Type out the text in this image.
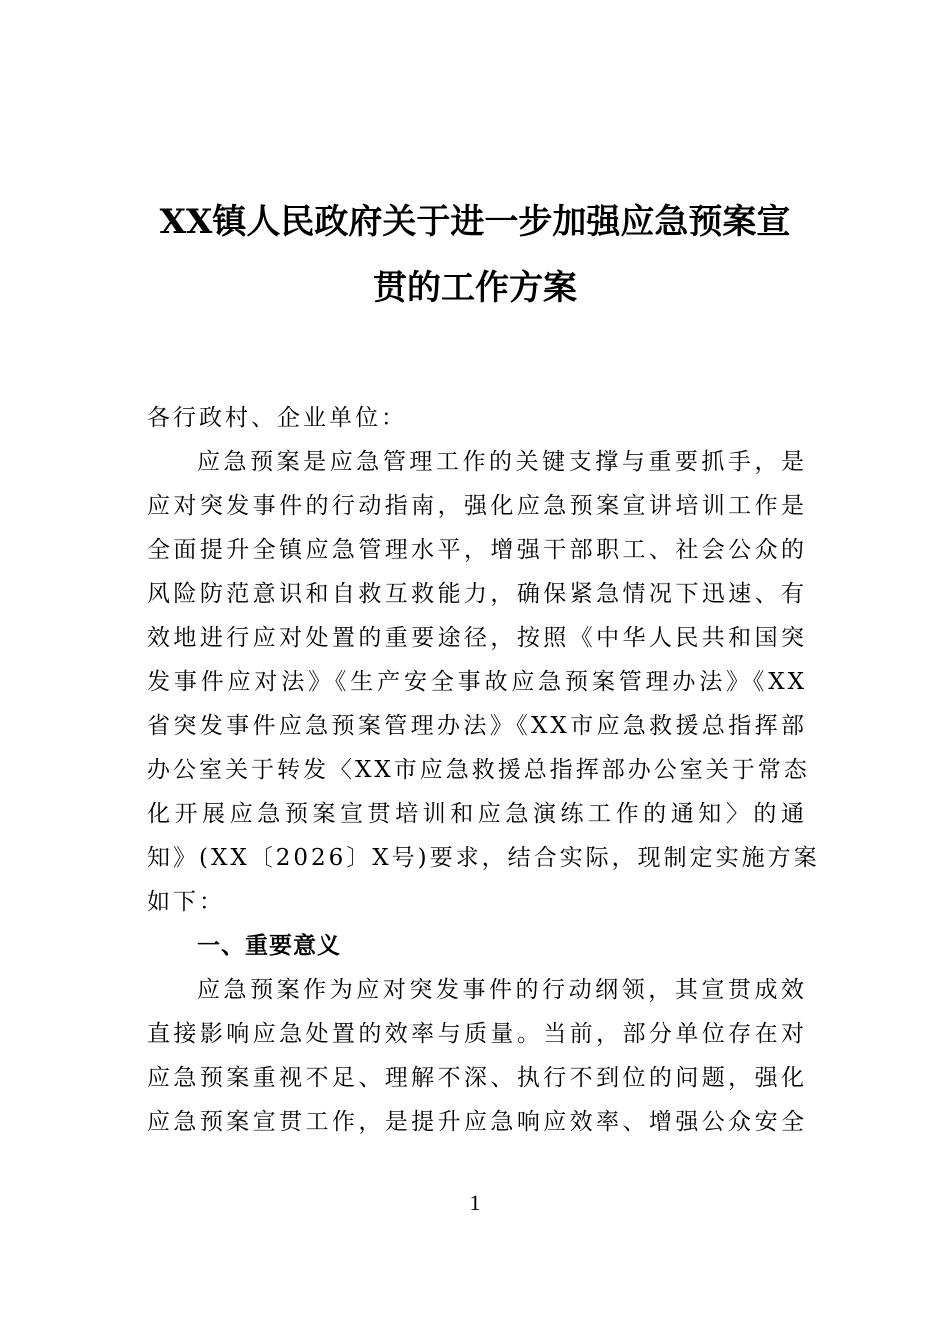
XX镇人民政府关于进一步加强应急预案宣
贯的工作方案
各行政村、企业单位：
应急预案是应急管理工作的关键支撑与重要抓手，是
应对突发事件的行动指南，强化应急预案宣讲培训工作是
全面提升全镇应急管理水平，增强干部职工、社会公众的
风险防范意识和自救互救能力，确保紧急情况下迅速、有
效地进行应对处置的重要途径，按照《中华人民共和国突
发事件应对法》《生产安全事故应急预案管理办法》《XX
省突发事件应急预案管理办法》《XX市应急救援总指挥部
办公室关于转发〈XX市应急救援总指挥部办公室关于常态
化开展应急预案宣贯培训和应急演练工作的通知〉的通
知》(XX〔2026〕X号)要求，结合实际，现制定实施方案
如下：
一、重要意义
应急预案作为应对突发事件的行动纲领，其宣贯成效
直接影响应急处置的效率与质量。当前，部分单位存在对
应急预案重视不足、理解不深、执行不到位的问题，强化
应急预案宣贯工作，是提升应急响应效率、增强公众安全
1
